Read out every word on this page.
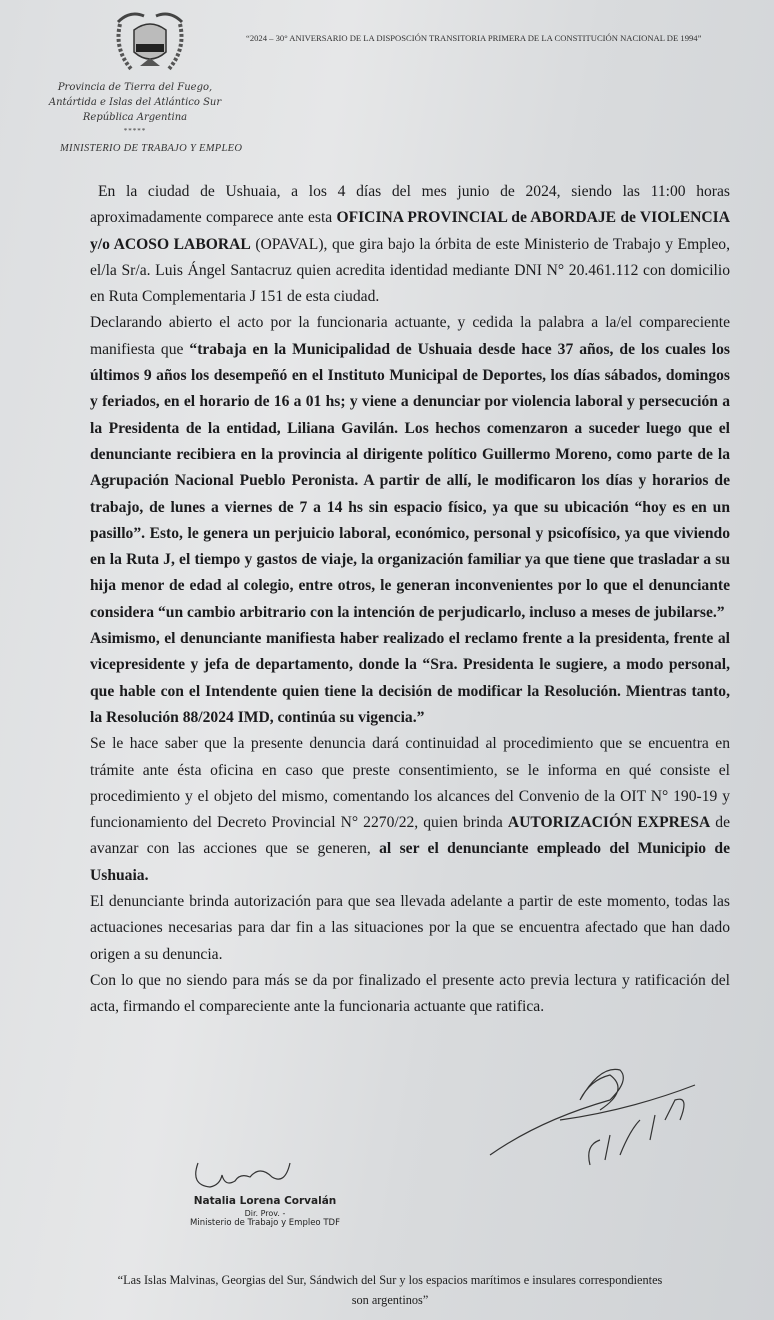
Provincia de Tierra del Fuego,
Antártida e Islas del Atlántico Sur
República Argentina
*****
MINISTERIO DE TRABAJO Y EMPLEO
“2024 – 30° ANIVERSARIO DE LA DISPOSCIÓN TRANSITORIA PRIMERA DE LA CONSTITUCIÓN NACIONAL DE 1994”

En la ciudad de Ushuaia, a los 4 días del mes junio de 2024, siendo las 11:00 horas aproximadamente comparece ante esta OFICINA PROVINCIAL de ABORDAJE de VIOLENCIA y/o ACOSO LABORAL (OPAVAL), que gira bajo la órbita de este Ministerio de Trabajo y Empleo, el/la Sr/a. Luis Ángel Santacruz quien acredita identidad mediante DNI N° 20.461.112 con domicilio en Ruta Complementaria J 151 de esta ciudad.

Declarando abierto el acto por la funcionaria actuante, y cedida la palabra a la/el compareciente manifiesta que “trabaja en la Municipalidad de Ushuaia desde hace 37 años, de los cuales los últimos 9 años los desempeñó en el Instituto Municipal de Deportes, los días sábados, domingos y feriados, en el horario de 16 a 01 hs; y viene a denunciar por violencia laboral y persecución a la Presidenta de la entidad, Liliana Gavilán. Los hechos comenzaron a suceder luego que el denunciante recibiera en la provincia al dirigente político Guillermo Moreno, como parte de la Agrupación Nacional Pueblo Peronista. A partir de allí, le modificaron los días y horarios de trabajo, de lunes a viernes de 7 a 14 hs sin espacio físico, ya que su ubicación “hoy es en un pasillo”. Esto, le genera un perjuicio laboral, económico, personal y psicofísico, ya que viviendo en la Ruta J, el tiempo y gastos de viaje, la organización familiar ya que tiene que trasladar a su hija menor de edad al colegio, entre otros, le generan inconvenientes por lo que el denunciante considera “un cambio arbitrario con la intención de perjudicarlo, incluso a meses de jubilarse.”

Asimismo, el denunciante manifiesta haber realizado el reclamo frente a la presidenta, frente al vicepresidente y jefa de departamento, donde la “Sra. Presidenta le sugiere, a modo personal, que hable con el Intendente quien tiene la decisión de modificar la Resolución. Mientras tanto, la Resolución 88/2024 IMD, continúa su vigencia.”

Se le hace saber que la presente denuncia dará continuidad al procedimiento que se encuentra en trámite ante ésta oficina en caso que preste consentimiento, se le informa en qué consiste el procedimiento y el objeto del mismo, comentando los alcances del Convenio de la OIT N° 190-19 y funcionamiento del Decreto Provincial N° 2270/22, quien brinda AUTORIZACIÓN EXPRESA de avanzar con las acciones que se generen, al ser el denunciante empleado del Municipio de Ushuaia.

El denunciante brinda autorización para que sea llevada adelante a partir de este momento, todas las actuaciones necesarias para dar fin a las situaciones por la que se encuentra afectado que han dado origen a su denuncia.

Con lo que no siendo para más se da por finalizado el presente acto previa lectura y ratificación del acta, firmando el compareciente ante la funcionaria actuante que ratifica.

Natalia Lorena Corvalán
Dir. Prov. -
Ministerio de Trabajo y Empleo TDF
“Las Islas Malvinas, Georgias del Sur, Sándwich del Sur y los espacios marítimos e insulares correspondientes
son argentinos”
